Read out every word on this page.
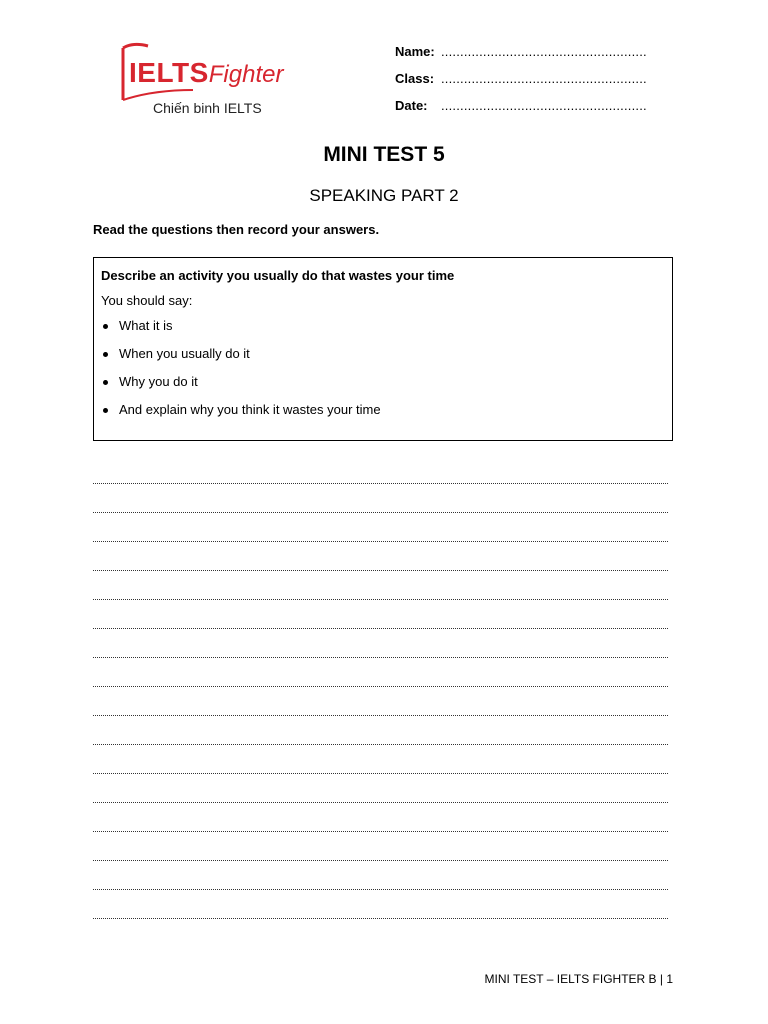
IELTSFighter
Chiến binh IELTS
Name: ......................................................
Class: ......................................................
Date: ......................................................
MINI TEST 5
SPEAKING PART 2
Read the questions then record your answers.
Describe an activity you usually do that wastes your time
You should say:
What it is
When you usually do it
Why you do it
And explain why you think it wastes your time
MINI TEST – IELTS FIGHTER B | 1
